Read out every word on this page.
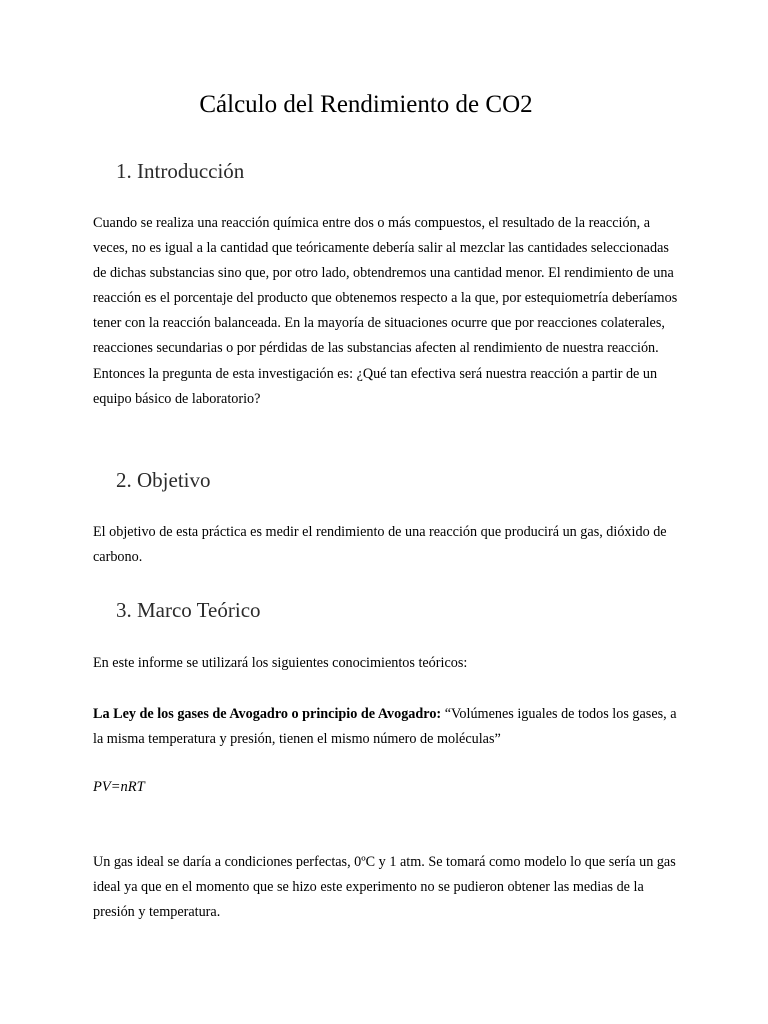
Cálculo del Rendimiento de CO2
1. Introducción

Cuando se realiza una reacción química entre dos o más compuestos, el resultado de la reacción, a veces, no es igual a la cantidad que teóricamente debería salir al mezclar las cantidades seleccionadas de dichas substancias sino que, por otro lado, obtendremos una cantidad menor. El rendimiento de una reacción es el porcentaje del producto que obtenemos respecto a la que, por estequiometría deberíamos tener con la reacción balanceada. En la mayoría de situaciones ocurre que por reacciones colaterales, reacciones secundarias o por pérdidas de las substancias afecten al rendimiento de nuestra reacción. Entonces la pregunta de esta investigación es: ¿Qué tan efectiva será nuestra reacción a partir de un equipo básico de laboratorio?

2. Objetivo

El objetivo de esta práctica es medir el rendimiento de una reacción que producirá un gas, dióxido de carbono.

3. Marco Teórico

En este informe se utilizará los siguientes conocimientos teóricos:

La Ley de los gases de Avogadro o principio de Avogadro: “Volúmenes iguales de todos los gases, a la misma temperatura y presión, tienen el mismo número de moléculas”

PV=nRT

Un gas ideal se daría a condiciones perfectas, 0ºC y 1 atm. Se tomará como modelo lo que sería un gas ideal ya que en el momento que se hizo este experimento no se pudieron obtener las medias de la presión y temperatura.
